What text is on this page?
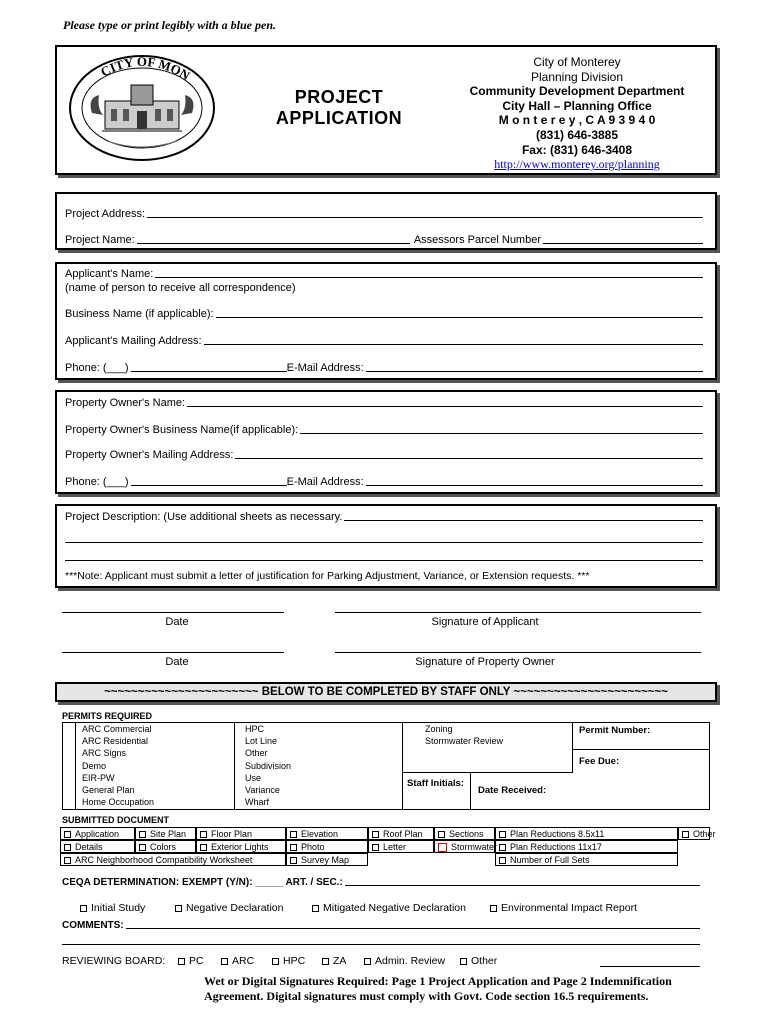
Please type or print legibly with a blue pen.
CITY OF MON
PROJECT
APPLICATION
City of Monterey
Planning Division
Community Development Department
City Hall – Planning Office
M o n t e r e y , C A 9 3 9 4 0
(831) 646-3885
Fax: (831) 646-3408
http://www.monterey.org/planning
Project Address:
Project Name:	Assessors Parcel Number
Applicant's Name:
(name of person to receive all correspondence)
Business Name (if applicable):
Applicant's Mailing Address:
Phone: (___)	E-Mail Address:
Property Owner's Name:
Property Owner's Business Name(if applicable):
Property Owner's Mailing Address:
Phone: (___)	E-Mail Address:
Project Description: (Use additional sheets as necessary.
***Note: Applicant must submit a letter of justification for Parking Adjustment, Variance, or Extension requests. ***
Date	Signature of Applicant
Date	Signature of Property Owner
~~~~~~~~~~~~~~~~~~~~~~~ BELOW TO BE COMPLETED BY STAFF ONLY ~~~~~~~~~~~~~~~~~~~~~~~
PERMITS REQUIRED
ARC Commercial
ARC Residential
ARC Signs
Demo
EIR-PW
General Plan
Home Occupation
HPC
Lot Line
Other
Subdivision
Use
Variance
Wharf
Zoning
Stormwater Review
Permit Number:
Fee Due:
Staff Initials:
Date Received:
SUBMITTED DOCUMENT
Application	Site Plan	Floor Plan	Elevation	Roof Plan	Sections	Plan Reductions 8.5x11	Other
Details	Colors	Exterior Lights	Photo	Letter	Stormwater	Plan Reductions 11x17
ARC Neighborhood Compatibility Worksheet	Survey Map	Number of Full Sets
CEQA DETERMINATION: EXEMPT (Y/N): _____ ART. / SEC.:
Initial Study	Negative Declaration	Mitigated Negative Declaration	Environmental Impact Report
COMMENTS:
REVIEWING BOARD:	PC	ARC	HPC	ZA	Admin. Review	Other
Wet or Digital Signatures Required: Page 1 Project Application and Page 2 Indemnification
Agreement. Digital signatures must comply with Govt. Code section 16.5 requirements.
